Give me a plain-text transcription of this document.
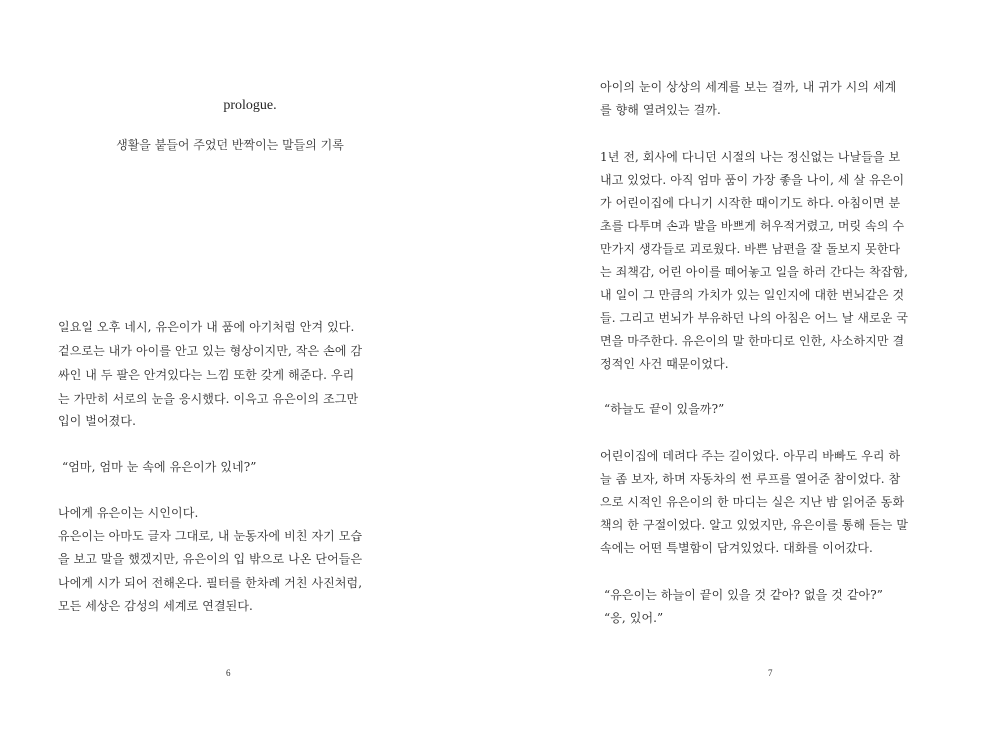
prologue.
생활을 붙들어 주었던 반짝이는 말들의 기록
일요일 오후 네시, 유은이가 내 품에 아기처럼 안겨 있다.
겉으로는 내가 아이를 안고 있는 형상이지만, 작은 손에 감
싸인 내 두 팔은 안겨있다는 느낌 또한 갖게 해준다. 우리
는 가만히 서로의 눈을 응시했다. 이윽고 유은이의 조그만
입이 벌어졌다.
“엄마, 엄마 눈 속에 유은이가 있네?”
나에게 유은이는 시인이다.
유은이는 아마도 글자 그대로, 내 눈동자에 비친 자기 모습
을 보고 말을 했겠지만, 유은이의 입 밖으로 나온 단어들은
나에게 시가 되어 전해온다. 필터를 한차례 거친 사진처럼,
모든 세상은 감성의 세계로 연결된다.
6
아이의 눈이 상상의 세계를 보는 걸까, 내 귀가 시의 세계
를 향해 열려있는 걸까.
1년 전, 회사에 다니던 시절의 나는 정신없는 나날들을 보
내고 있었다. 아직 엄마 품이 가장 좋을 나이, 세 살 유은이
가 어린이집에 다니기 시작한 때이기도 하다. 아침이면 분
초를 다투며 손과 발을 바쁘게 허우적거렸고, 머릿 속의 수
만가지 생각들로 괴로웠다. 바쁜 남편을 잘 돌보지 못한다
는 죄책감, 어린 아이를 떼어놓고 일을 하러 간다는 착잡함,
내 일이 그 만큼의 가치가 있는 일인지에 대한 번뇌같은 것
들. 그리고 번뇌가 부유하던 나의 아침은 어느 날 새로운 국
면을 마주한다. 유은이의 말 한마디로 인한, 사소하지만 결
정적인 사건 때문이었다.
“하늘도 끝이 있을까?”
어린이집에 데려다 주는 길이었다. 아무리 바빠도 우리 하
늘 좀 보자, 하며 자동차의 썬 루프를 열어준 참이었다. 참
으로 시적인 유은이의 한 마디는 실은 지난 밤 읽어준 동화
책의 한 구절이었다. 알고 있었지만, 유은이를 통해 듣는 말
속에는 어떤 특별함이 담겨있었다. 대화를 이어갔다.
“유은이는 하늘이 끝이 있을 것 같아? 없을 것 같아?”
“응, 있어.”
7
